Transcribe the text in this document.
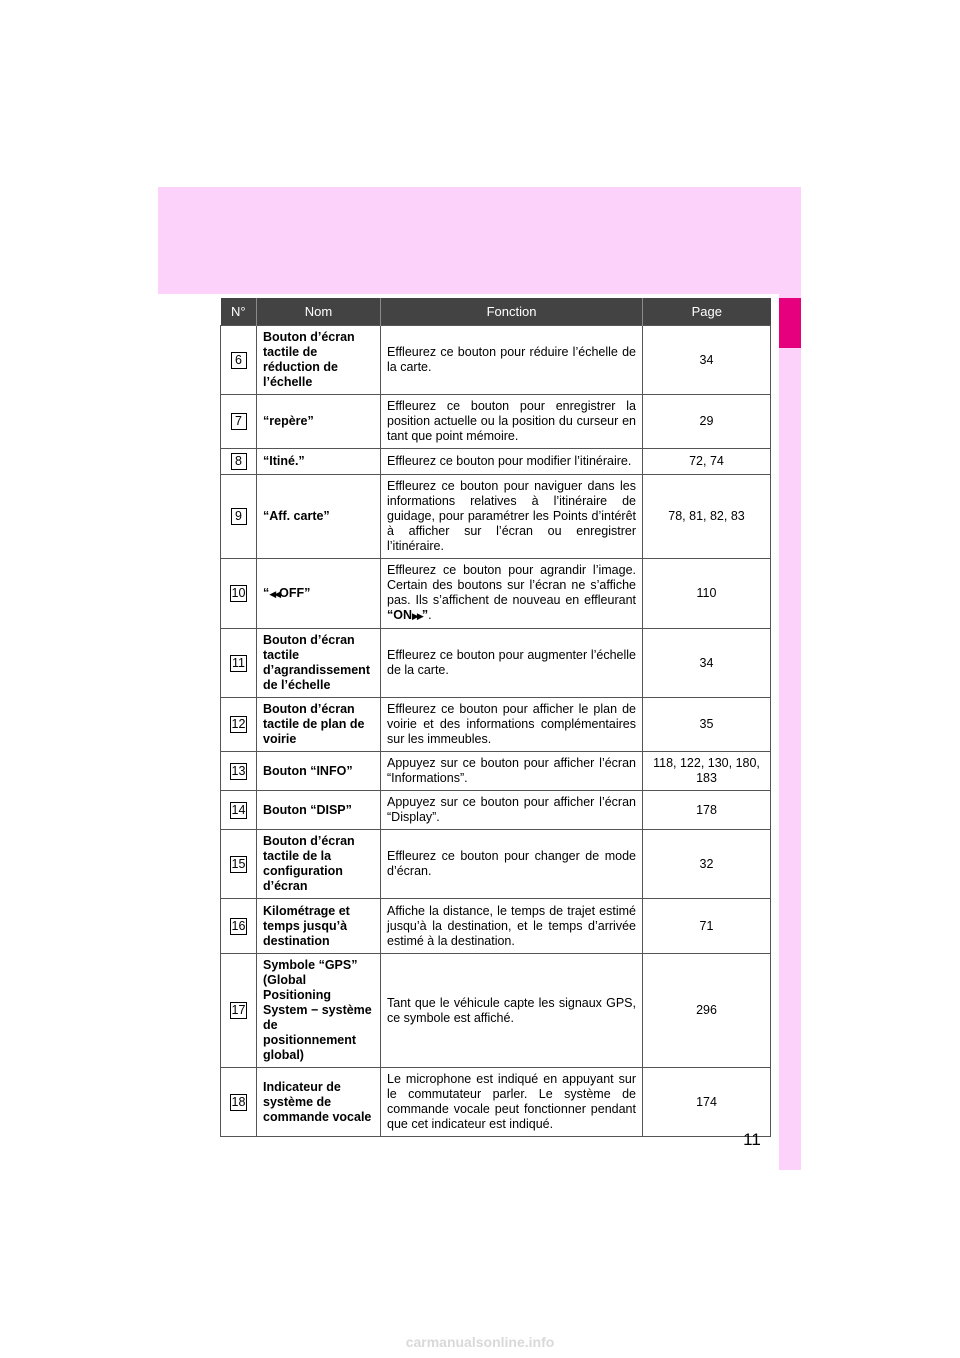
N°	Nom	Fonction	Page
6	Bouton d’écran tactile de réduction de l’échelle	Effleurez ce bouton pour réduire l’échelle de la carte.	34
7	“repère”	Effleurez ce bouton pour enregistrer la position actuelle ou la position du curseur en tant que point mémoire.	29
8	“Itiné.”	Effleurez ce bouton pour modifier l’itinéraire.	72, 74
9	“Aff. carte”	Effleurez ce bouton pour naviguer dans les informations relatives à l’itinéraire de guidage, pour paramétrer les Points d’intérêt à afficher sur l’écran ou enregistrer l’itinéraire.	78, 81, 82, 83
10	“◀◀OFF”	Effleurez ce bouton pour agrandir l’image. Certain des boutons sur l’écran ne s’affiche pas. Ils s’affichent de nouveau en effleurant “ON▶▶”.	110
11	Bouton d’écran tactile d’agrandissement de l’échelle	Effleurez ce bouton pour augmenter l’échelle de la carte.	34
12	Bouton d’écran tactile de plan de voirie	Effleurez ce bouton pour afficher le plan de voirie et des informations complémentaires sur les immeubles.	35
13	Bouton “INFO”	Appuyez sur ce bouton pour afficher l’écran “Informations”.	118, 122, 130, 180, 183
14	Bouton “DISP”	Appuyez sur ce bouton pour afficher l’écran “Display”.	178
15	Bouton d’écran tactile de la configuration d’écran	Effleurez ce bouton pour changer de mode d’écran.	32
16	Kilométrage et temps jusqu’à destination	Affiche la distance, le temps de trajet estimé jusqu’à la destination, et le temps d’arrivée estimé à la destination.	71
17	Symbole “GPS” (Global Positioning System − système de positionnement global)	Tant que le véhicule capte les signaux GPS, ce symbole est affiché.	296
18	Indicateur de système de commande vocale	Le microphone est indiqué en appuyant sur le commutateur parler. Le système de commande vocale peut fonctionner pendant que cet indicateur est indiqué.	174
11
carmanualsonline.info
